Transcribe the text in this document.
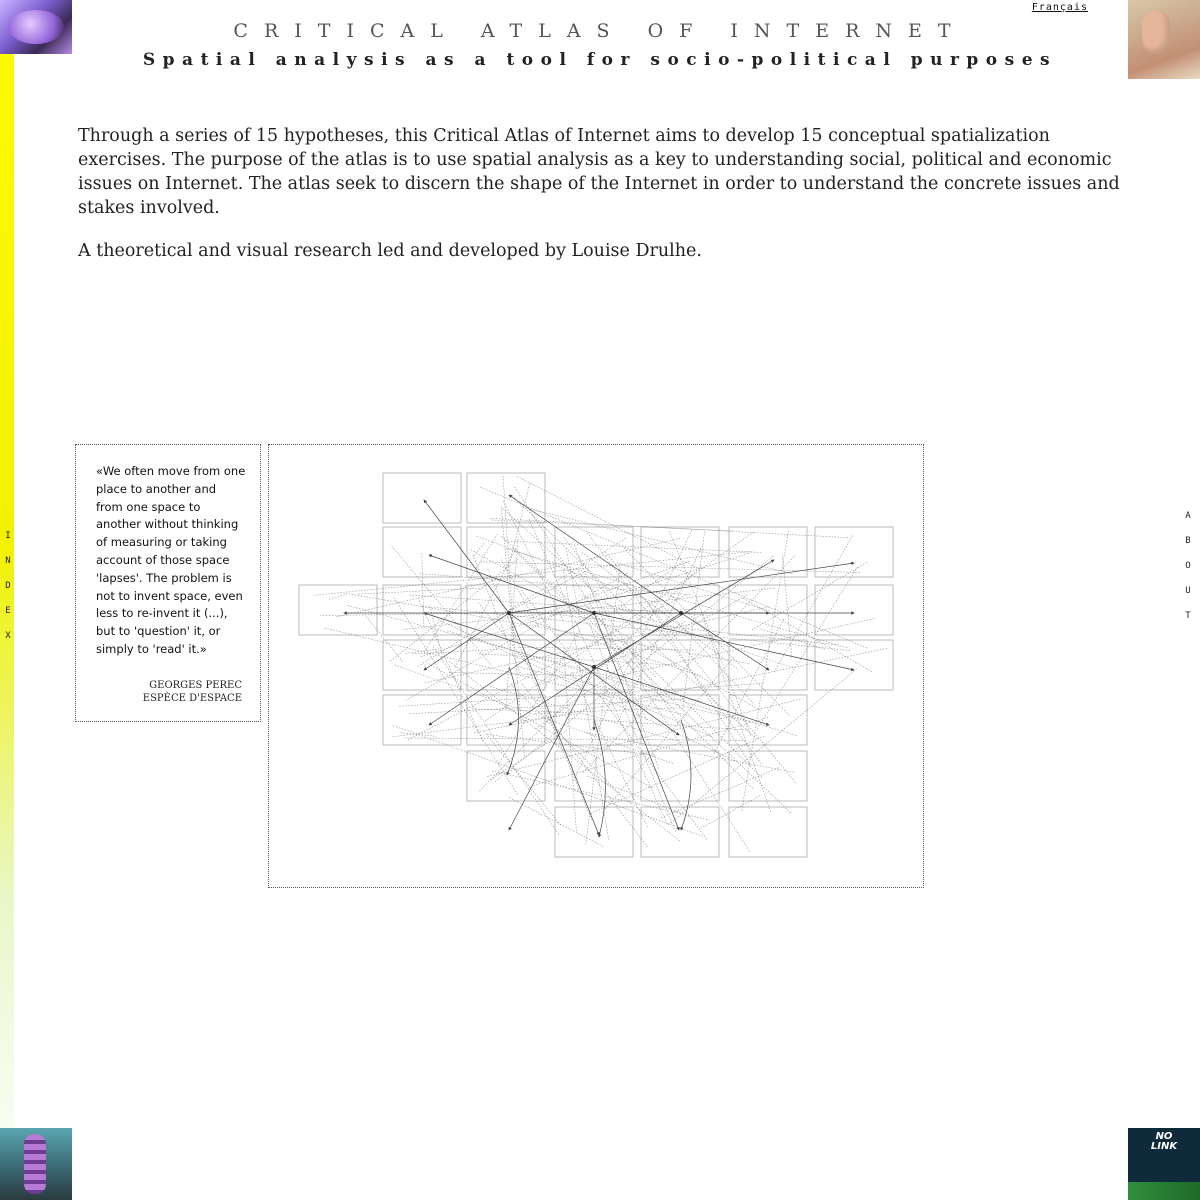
NO
LINK
Français
CRITICAL ATLAS OF INTERNET
Spatial analysis as a tool for socio-political purposes

Through a series of 15 hypotheses, this Critical Atlas of Internet aims to develop 15 conceptual spatialization exercises. The purpose of the atlas is to use spatial analysis as a key to understanding social, political and economic issues on Internet. The atlas seek to discern the shape of the Internet in order to understand the concrete issues and stakes involved.

A theoretical and visual research led and developed by Louise Drulhe.

I
N
D
E
X
A
B
O
U
T
«We often move from one place to another and from one space to another without thinking of measuring or taking account of those space 'lapses'. The problem is not to invent space, even less to re-invent it (...), but to 'question' it, or simply to 'read' it.»
GEORGES PEREC
ESPÈCE D'ESPACE
